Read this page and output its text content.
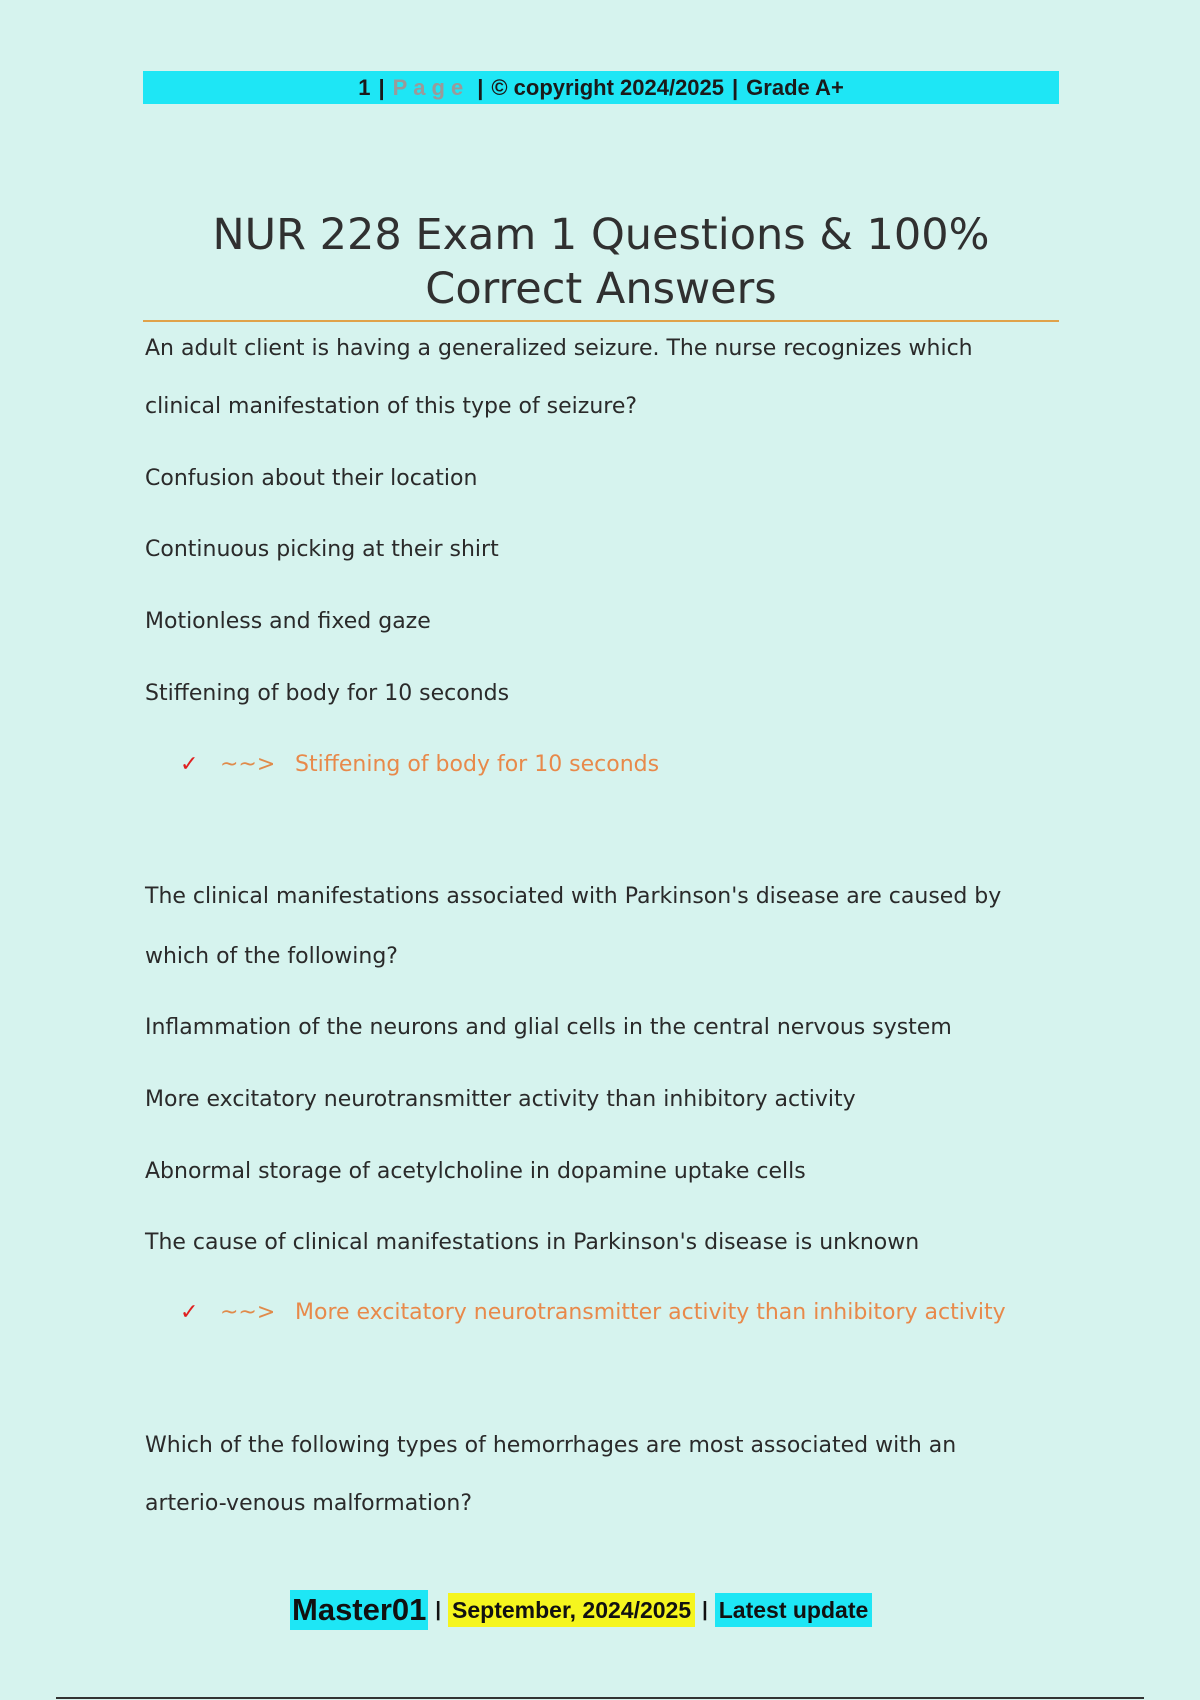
1 | Page | © copyright 2024/2025 | Grade A+
NUR 228 Exam 1 Questions & 100% Correct Answers
An adult client is having a generalized seizure. The nurse recognizes which
clinical manifestation of this type of seizure?
Confusion about their location
Continuous picking at their shirt
Motionless and fixed gaze
Stiffening of body for 10 seconds
✓ ~~> Stiffening of body for 10 seconds
The clinical manifestations associated with Parkinson's disease are caused by
which of the following?
Inflammation of the neurons and glial cells in the central nervous system
More excitatory neurotransmitter activity than inhibitory activity
Abnormal storage of acetylcholine in dopamine uptake cells
The cause of clinical manifestations in Parkinson's disease is unknown
✓ ~~> More excitatory neurotransmitter activity than inhibitory activity
Which of the following types of hemorrhages are most associated with an
arterio-venous malformation?
Master01 | September, 2024/2025 | Latest update
